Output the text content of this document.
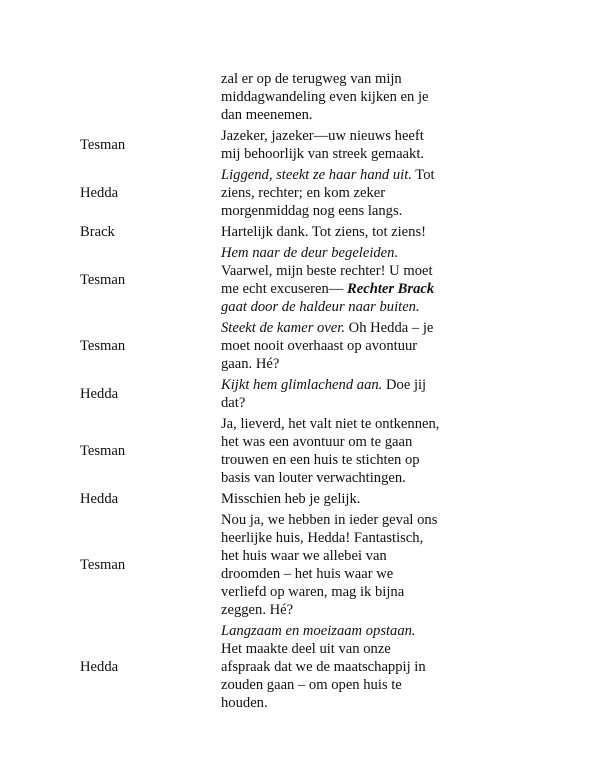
zal er op de terugweg van mijn
middagwandeling even kijken en je
dan meenemen.
Tesman
Jazeker, jazeker—uw nieuws heeft
mij behoorlijk van streek gemaakt.
Hedda
Liggend, steekt ze haar hand uit. Tot
ziens, rechter; en kom zeker
morgenmiddag nog eens langs.
Brack	Hartelijk dank. Tot ziens, tot ziens!
Tesman
Hem naar de deur begeleiden.
Vaarwel, mijn beste rechter! U moet
me echt excuseren— Rechter Brack
gaat door de haldeur naar buiten.
Tesman
Steekt de kamer over. Oh Hedda – je
moet nooit overhaast op avontuur
gaan. Hé?
Hedda
Kijkt hem glimlachend aan. Doe jij
dat?
Tesman
Ja, lieverd, het valt niet te ontkennen,
het was een avontuur om te gaan
trouwen en een huis te stichten op
basis van louter verwachtingen.
Hedda	Misschien heb je gelijk.
Tesman
Nou ja, we hebben in ieder geval ons
heerlijke huis, Hedda! Fantastisch,
het huis waar we allebei van
droomden – het huis waar we
verliefd op waren, mag ik bijna
zeggen. Hé?
Hedda
Langzaam en moeizaam opstaan.
Het maakte deel uit van onze
afspraak dat we de maatschappij in
zouden gaan – om open huis te
houden.
